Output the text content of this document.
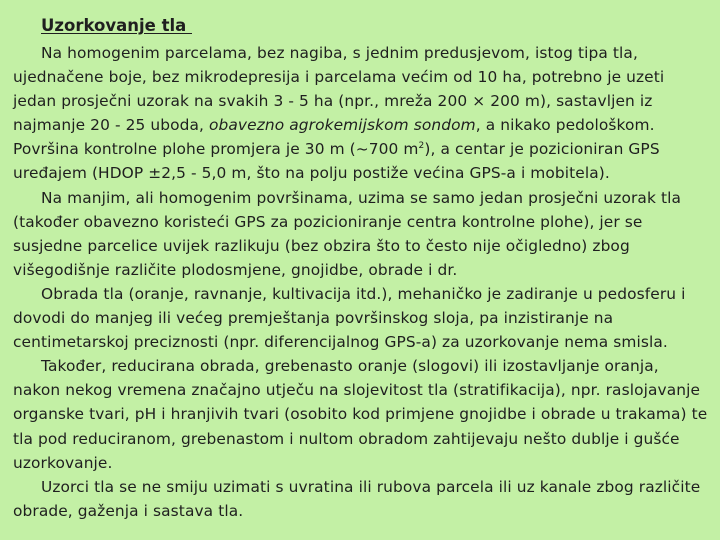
Uzorkovanje tla

Na homogenim parcelama, bez nagiba, s jednim predusjevom, istog tipa tla, ujednačene boje, bez mikrodepresija i parcelama većim od 10 ha, potrebno je uzeti jedan prosječni uzorak na svakih 3 - 5 ha (npr., mreža 200 × 200 m), sastavljen iz najmanje 20 - 25 uboda, obavezno agrokemijskom sondom, a nikako pedološkom. Površina kontrolne plohe promjera je 30 m (~700 $m^2$), a centar je pozicioniran GPS uređajem (HDOP ±2,5 - 5,0 m, što na polju postiže većina GPS-a i mobitela).

Na manjim, ali homogenim površinama, uzima se samo jedan prosječni uzorak tla (također obavezno koristeći GPS za pozicioniranje centra kontrolne plohe), jer se susjedne parcelice uvijek razlikuju (bez obzira što to često nije očigledno) zbog višegodišnje različite plodosmjene, gnojidbe, obrade i dr.

Obrada tla (oranje, ravnanje, kultivacija itd.), mehaničko je zadiranje u pedosferu i dovodi do manjeg ili većeg premještanja površinskog sloja, pa inzistiranje na centimetarskoj preciznosti (npr. diferencijalnog GPS-a) za uzorkovanje nema smisla.

Također, reducirana obrada, grebenasto oranje (slogovi) ili izostavljanje oranja, nakon nekog vremena značajno utječu na slojevitost tla (stratifikacija), npr. raslojavanje organske tvari, pH i hranjivih tvari (osobito kod primjene gnojidbe i obrade u trakama) te tla pod reduciranom, grebenastom i nultom obradom zahtijevaju nešto dublje i gušće uzorkovanje.

Uzorci tla se ne smiju uzimati s uvratina ili rubova parcela ili uz kanale zbog različite obrade, gaženja i sastava tla.
